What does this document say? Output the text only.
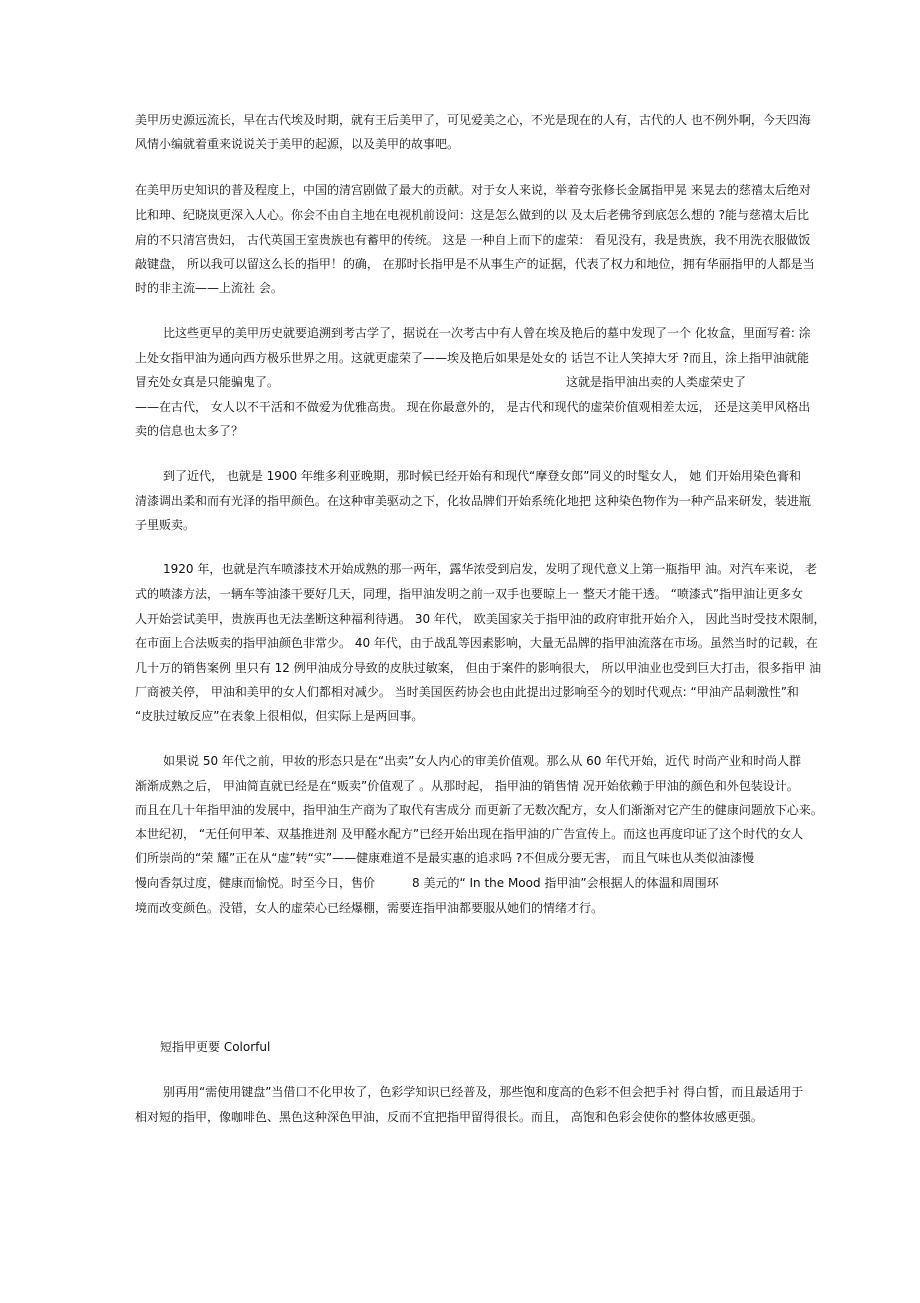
美甲历史源远流长，早在古代埃及时期，就有王后美甲了，可见爱美之心，不光是现在的人有，古代的人 也不例外啊，今天四海
风情小编就着重来说说关于美甲的起源，以及美甲的故事吧。
在美甲历史知识的普及程度上，中国的清宫剧做了最大的贡献。对于女人来说，举着夸张修长金属指甲晃 来晃去的慈禧太后绝对
比和珅、纪晓岚更深入人心。你会不由自主地在电视机前设问：这是怎么做到的以 及太后老佛爷到底怎么想的 ?能与慈禧太后比
肩的不只清宫贵妇， 古代英国王室贵族也有蓄甲的传统。 这是 一种自上而下的虚荣： 看见没有，我是贵族，我不用洗衣服做饭
敲键盘， 所以我可以留这么长的指甲！的确， 在那时长指甲是不从事生产的证据，代表了权力和地位，拥有华丽指甲的人都是当
时的非主流——上流社 会。
比这些更早的美甲历史就要追溯到考古学了，据说在一次考古中有人曾在埃及艳后的墓中发现了一个 化妆盒，里面写着: 涂
上处女指甲油为通向西方极乐世界之用。这就更虚荣了——埃及艳后如果是处女的 话岂不让人笑掉大牙 ?而且，涂上指甲油就能
冒充处女真是只能骗鬼了。	这就是指甲油出卖的人类虚荣史了
——在古代， 女人以不干活和不做爱为优雅高贵。 现在你最意外的， 是古代和现代的虚荣价值观相差太远， 还是这美甲风格出
卖的信息也太多了？
到了近代， 也就是 1900 年维多利亚晚期，那时候已经开始有和现代“摩登女郎”同义的时髦女人， 她 们开始用染色膏和
清漆调出柔和而有光泽的指甲颜色。在这种审美驱动之下，化妆品牌们开始系统化地把 这种染色物作为一种产品来研发，装进瓶
子里贩卖。
1920 年，也就是汽车喷漆技术开始成熟的那一两年，露华浓受到启发，发明了现代意义上第一瓶指甲 油。对汽车来说， 老
式的喷漆方法，一辆车等油漆干要好几天，同理，指甲油发明之前一双手也要晾上一 整天才能干透。 “喷漆式”指甲油让更多女
人开始尝试美甲，贵族再也无法垄断这种福利待遇。 30 年代， 欧美国家关于指甲油的政府审批开始介入， 因此当时受技术限制，
在市面上合法贩卖的指甲油颜色非常少。 40 年代，由于战乱等因素影响，大量无品牌的指甲油流落在市场。虽然当时的记载，在
几十万的销售案例 里只有 12 例甲油成分导致的皮肤过敏案， 但由于案件的影响很大， 所以甲油业也受到巨大打击，很多指甲 油
厂商被关停， 甲油和美甲的女人们都相对减少。 当时美国医药协会也由此提出过影响至今的划时代观点: “甲油产品刺激性”和
“皮肤过敏反应”在表象上很相似，但实际上是两回事。
如果说 50 年代之前，甲妆的形态只是在“出卖”女人内心的审美价值观。那么从 60 年代开始，近代 时尚产业和时尚人群
渐渐成熟之后， 甲油简直就已经是在“贩卖”价值观了 。从那时起， 指甲油的销售情 况开始依赖于甲油的颜色和外包装设计。
而且在几十年指甲油的发展中，指甲油生产商为了取代有害成分 而更新了无数次配方，女人们渐渐对它产生的健康问题放下心来。
本世纪初， “无任何甲苯、双基推进剂 及甲醛水配方”已经开始出现在指甲油的广告宣传上。而这也再度印证了这个时代的女人
们所崇尚的“荣 耀”正在从“虚”转“实”——健康难道不是最实惠的追求吗 ?不但成分要无害， 而且气味也从类似油漆慢
慢向香氛过度，健康而愉悦。时至今日，售价	8 美元的“ In the Mood 指甲油”会根据人的体温和周围环
境而改变颜色。没错，女人的虚荣心已经爆棚，需要连指甲油都要服从她们的情绪才行。
短指甲更要 Colorful
别再用“需使用键盘”当借口不化甲妆了，色彩学知识已经普及，那些饱和度高的色彩不但会把手衬 得白皙，而且最适用于
相对短的指甲，像咖啡色、黑色这种深色甲油，反而不宜把指甲留得很长。而且， 高饱和色彩会使你的整体妆感更强。
